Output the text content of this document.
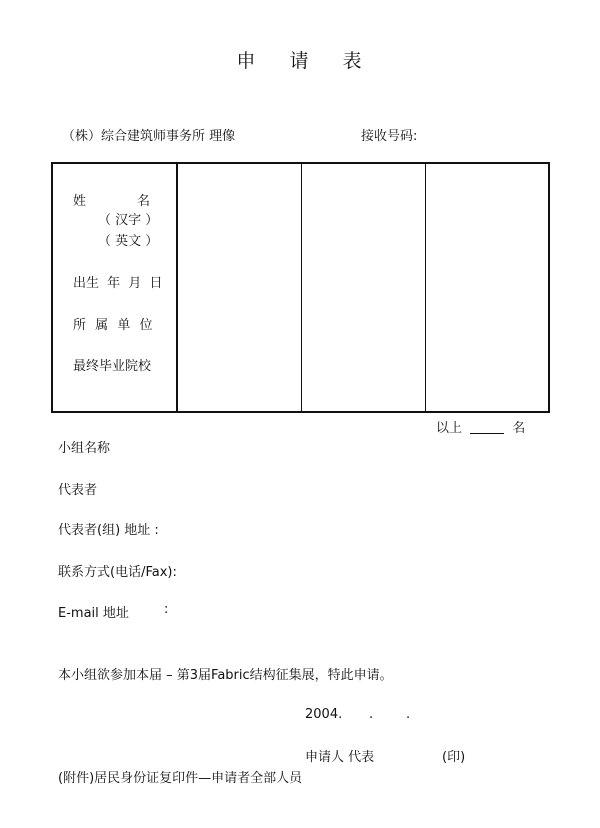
申 请 表
（株）综合建筑师事务所 理像	接收号码:
姓	名
（ 汉字 ）
（ 英文 ）
出生 年 月 日
所 属 单 位
最终毕业院校
以上	名
小组名称
代表者
代表者(组) 地址 :
联系方式(电话/Fax):
E-mail 地址	:
本小组欲参加本届 – 第3届Fabric结构征集展，特此申请。
2004. .	.
申请人 代表	(印)
(附件)居民身份证复印件—申请者全部人员
